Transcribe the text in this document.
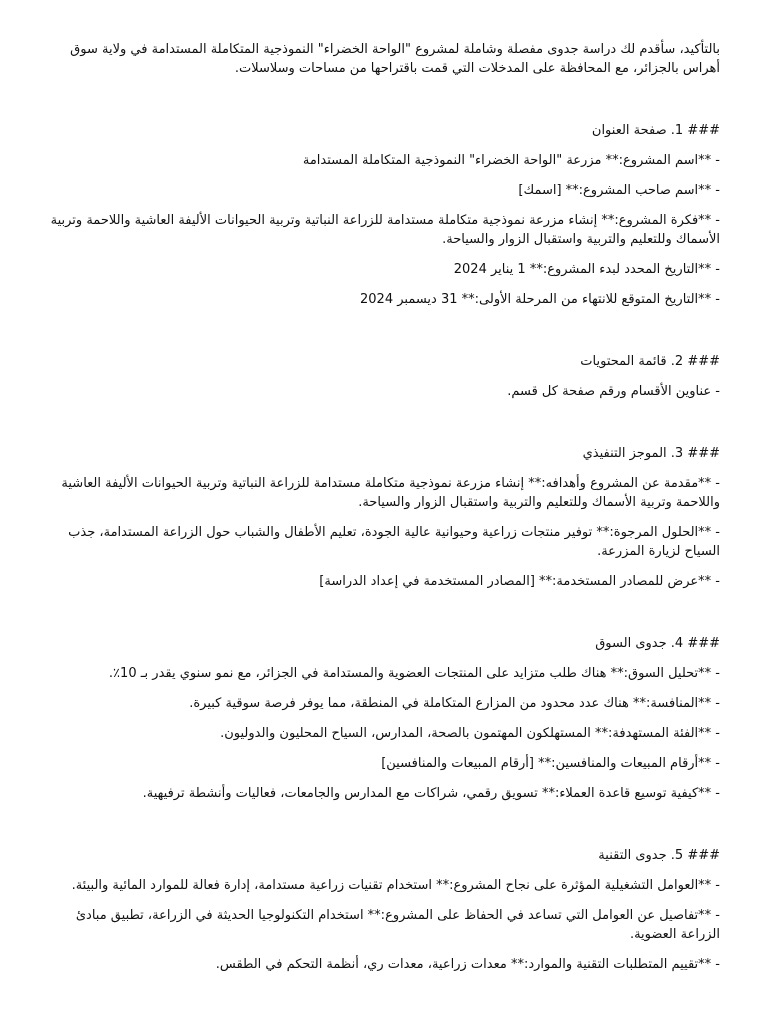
بالتأكيد، سأقدم لك دراسة جدوى مفصلة وشاملة لمشروع "الواحة الخضراء" النموذجية المتكاملة المستدامة في ولاية سوق أهراس بالجزائر، مع المحافظة على المدخلات التي قمت باقتراحها من مساحات وسلاسلات.

### 1. صفحة العنوان

- **اسم المشروع:** مزرعة "الواحة الخضراء" النموذجية المتكاملة المستدامة

- **اسم صاحب المشروع:** [اسمك]

- **فكرة المشروع:** إنشاء مزرعة نموذجية متكاملة مستدامة للزراعة النباتية وتربية الحيوانات الأليفة العاشية واللاحمة وتربية الأسماك وللتعليم والتربية واستقبال الزوار والسياحة.

- **التاريخ المحدد لبدء المشروع:** 1 يناير 2024

- **التاريخ المتوقع للانتهاء من المرحلة الأولى:** 31 ديسمبر 2024

### 2. قائمة المحتويات

- عناوين الأقسام ورقم صفحة كل قسم.

### 3. الموجز التنفيذي

- **مقدمة عن المشروع وأهدافه:** إنشاء مزرعة نموذجية متكاملة مستدامة للزراعة النباتية وتربية الحيوانات الأليفة العاشية واللاحمة وتربية الأسماك وللتعليم والتربية واستقبال الزوار والسياحة.

- **الحلول المرجوة:** توفير منتجات زراعية وحيوانية عالية الجودة، تعليم الأطفال والشباب حول الزراعة المستدامة، جذب السياح لزيارة المزرعة.

- **عرض للمصادر المستخدمة:** [المصادر المستخدمة في إعداد الدراسة]

### 4. جدوى السوق

- **تحليل السوق:** هناك طلب متزايد على المنتجات العضوية والمستدامة في الجزائر، مع نمو سنوي يقدر بـ 10٪.

- **المنافسة:** هناك عدد محدود من المزارع المتكاملة في المنطقة، مما يوفر فرصة سوقية كبيرة.

- **الفئة المستهدفة:** المستهلكون المهتمون بالصحة، المدارس، السياح المحليون والدوليون.

- **أرقام المبيعات والمنافسين:** [أرقام المبيعات والمنافسين]

- **كيفية توسيع قاعدة العملاء:** تسويق رقمي، شراكات مع المدارس والجامعات، فعاليات وأنشطة ترفيهية.

### 5. جدوى التقنية

- **العوامل التشغيلية المؤثرة على نجاح المشروع:** استخدام تقنيات زراعية مستدامة، إدارة فعالة للموارد المائية والبيئة.

- **تفاصيل عن العوامل التي تساعد في الحفاظ على المشروع:** استخدام التكنولوجيا الحديثة في الزراعة، تطبيق مبادئ الزراعة العضوية.

- **تقييم المتطلبات التقنية والموارد:** معدات زراعية، معدات ري، أنظمة التحكم في الطقس.
